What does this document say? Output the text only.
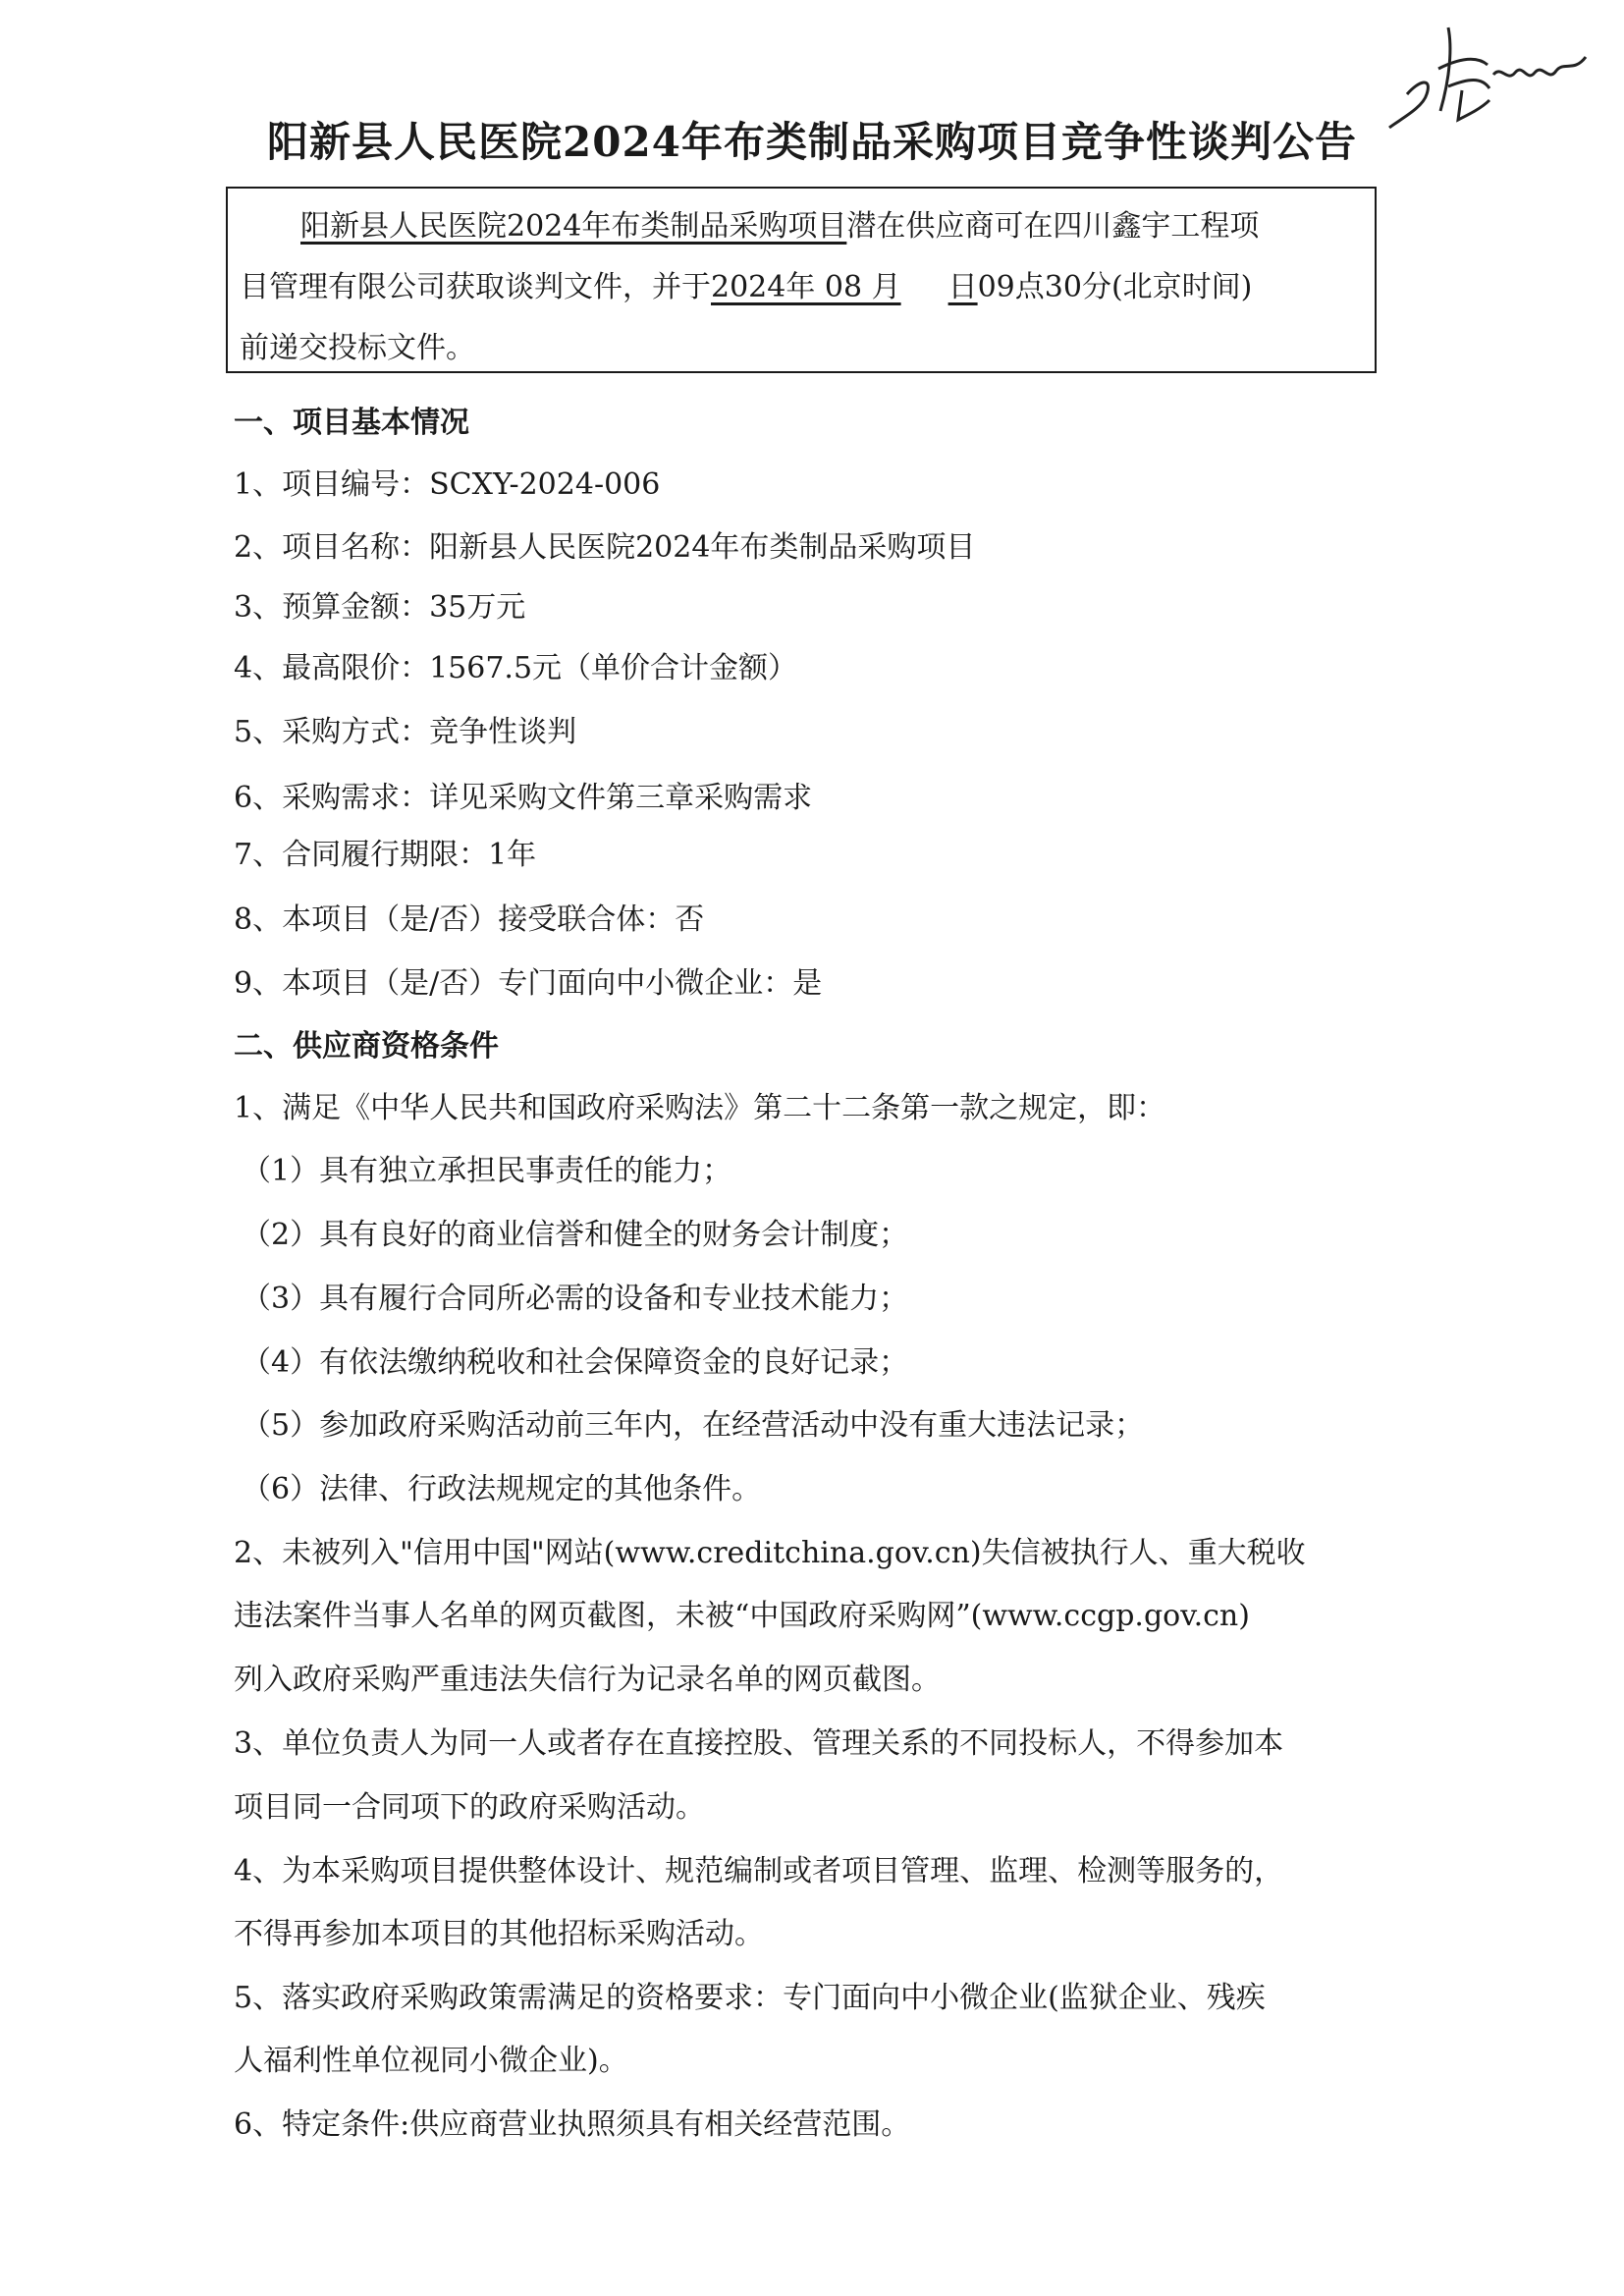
阳新县人民医院2024年布类制品采购项目竞争性谈判公告
阳新县人民医院2024年布类制品采购项目潜在供应商可在四川鑫宇工程项
目管理有限公司获取谈判文件，并于2024年 08 月 日09点30分(北京时间)
前递交投标文件。
一、项目基本情况
1、项目编号：SCXY-2024-006
2、项目名称：阳新县人民医院2024年布类制品采购项目
3、预算金额：35万元
4、最高限价：1567.5元（单价合计金额）
5、采购方式：竞争性谈判
6、采购需求：详见采购文件第三章采购需求
7、合同履行期限：1年
8、本项目（是/否）接受联合体：否
9、本项目（是/否）专门面向中小微企业：是
二、供应商资格条件
1、满足《中华人民共和国政府采购法》第二十二条第一款之规定，即：
（1）具有独立承担民事责任的能力；
（2）具有良好的商业信誉和健全的财务会计制度；
（3）具有履行合同所必需的设备和专业技术能力；
（4）有依法缴纳税收和社会保障资金的良好记录；
（5）参加政府采购活动前三年内，在经营活动中没有重大违法记录；
（6）法律、行政法规规定的其他条件。
2、未被列入"信用中国"网站(www.creditchina.gov.cn)失信被执行人、重大税收
违法案件当事人名单的网页截图，未被“中国政府采购网”(www.ccgp.gov.cn)
列入政府采购严重违法失信行为记录名单的网页截图。
3、单位负责人为同一人或者存在直接控股、管理关系的不同投标人，不得参加本
项目同一合同项下的政府采购活动。
4、为本采购项目提供整体设计、规范编制或者项目管理、监理、检测等服务的，
不得再参加本项目的其他招标采购活动。
5、落实政府采购政策需满足的资格要求：专门面向中小微企业(监狱企业、残疾
人福利性单位视同小微企业)。
6、特定条件:供应商营业执照须具有相关经营范围。
